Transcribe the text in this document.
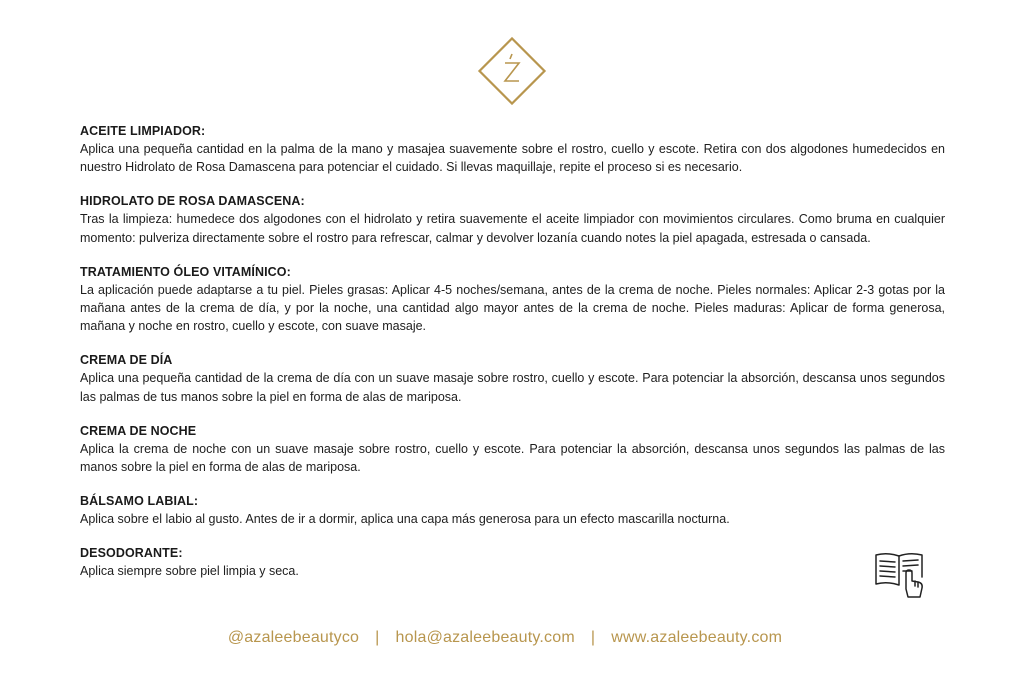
ACEITE LIMPIADOR:

Aplica una pequeña cantidad en la palma de la mano y masajea suavemente sobre el rostro, cuello y escote. Retira con dos algodones humedecidos en nuestro Hidrolato de Rosa Damascena para potenciar el cuidado. Si llevas maquillaje, repite el proceso si es necesario.

HIDROLATO DE ROSA DAMASCENA:

Tras la limpieza: humedece dos algodones con el hidrolato y retira suavemente el aceite limpiador con movimientos circulares. Como bruma en cualquier momento: pulveriza directamente sobre el rostro para refrescar, calmar y devolver lozanía cuando notes la piel apagada, estresada o cansada.

TRATAMIENTO ÓLEO VITAMÍNICO:

La aplicación puede adaptarse a tu piel. Pieles grasas: Aplicar 4-5 noches/semana, antes de la crema de noche. Pieles normales: Aplicar 2-3 gotas por la mañana antes de la crema de día, y por la noche, una cantidad algo mayor antes de la crema de noche. Pieles maduras: Aplicar de forma generosa, mañana y noche en rostro, cuello y escote, con suave masaje.

CREMA DE DÍA

Aplica una pequeña cantidad de la crema de día con un suave masaje sobre rostro, cuello y escote. Para potenciar la absorción, descansa unos segundos las palmas de tus manos sobre la piel en forma de alas de mariposa.

CREMA DE NOCHE

Aplica la crema de noche con un suave masaje sobre rostro, cuello y escote. Para potenciar la absorción, descansa unos segundos las palmas de las manos sobre la piel en forma de alas de mariposa.

BÁLSAMO LABIAL:

Aplica sobre el labio al gusto. Antes de ir a dormir, aplica una capa más generosa para un efecto mascarilla nocturna.

DESODORANTE:

Aplica siempre sobre piel limpia y seca.

@azaleebeautyco | hola@azaleebeauty.com | www.azaleebeauty.com
